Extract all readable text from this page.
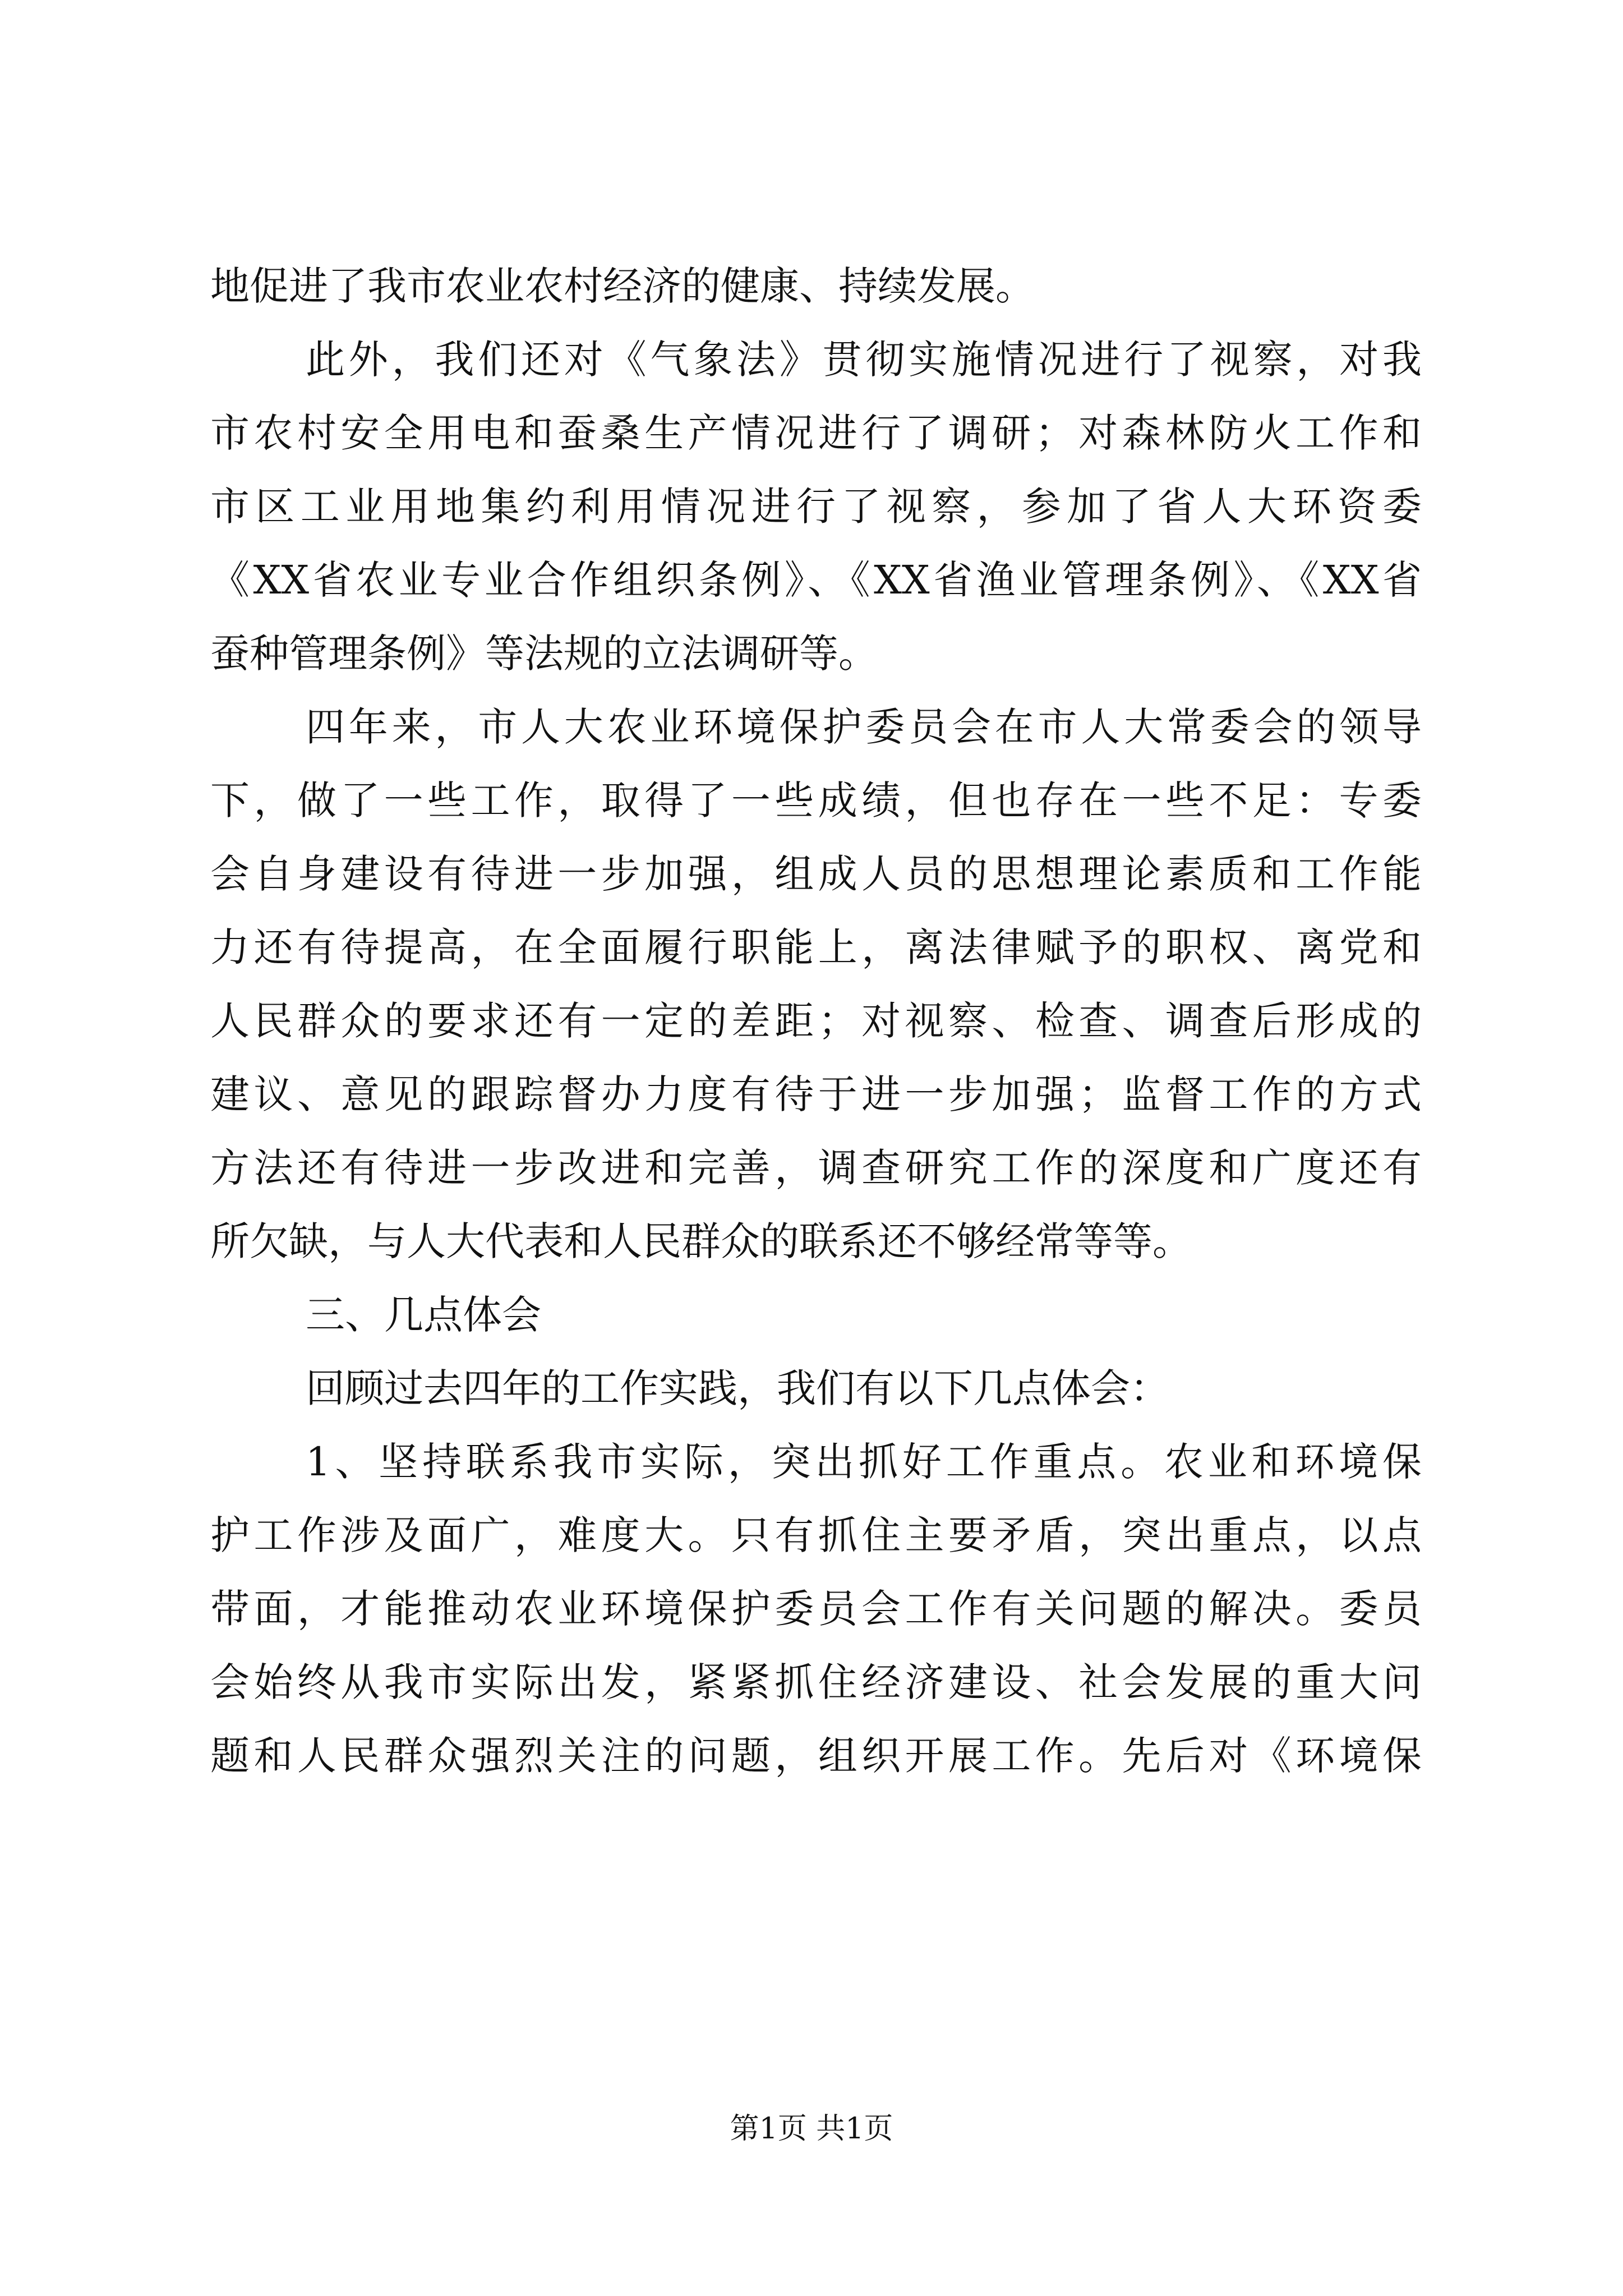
地促进了我市农业农村经济的健康、持续发展。
此外，我们还对《气象法》贯彻实施情况进行了视察，对我
市农村安全用电和蚕桑生产情况进行了调研；对森林防火工作和
市区工业用地集约利用情况进行了视察，参加了省人大环资委
《XX省农业专业合作组织条例》、《XX省渔业管理条例》、《XX省
蚕种管理条例》等法规的立法调研等。
四年来，市人大农业环境保护委员会在市人大常委会的领导
下，做了一些工作，取得了一些成绩，但也存在一些不足：专委
会自身建设有待进一步加强，组成人员的思想理论素质和工作能
力还有待提高，在全面履行职能上，离法律赋予的职权、离党和
人民群众的要求还有一定的差距；对视察、检查、调查后形成的
建议、意见的跟踪督办力度有待于进一步加强；监督工作的方式
方法还有待进一步改进和完善，调查研究工作的深度和广度还有
所欠缺，与人大代表和人民群众的联系还不够经常等等。
三、几点体会
回顾过去四年的工作实践，我们有以下几点体会：
1、坚持联系我市实际，突出抓好工作重点。农业和环境保
护工作涉及面广，难度大。只有抓住主要矛盾，突出重点，以点
带面，才能推动农业环境保护委员会工作有关问题的解决。委员
会始终从我市实际出发，紧紧抓住经济建设、社会发展的重大问
题和人民群众强烈关注的问题，组织开展工作。先后对《环境保
第1页 共1页
